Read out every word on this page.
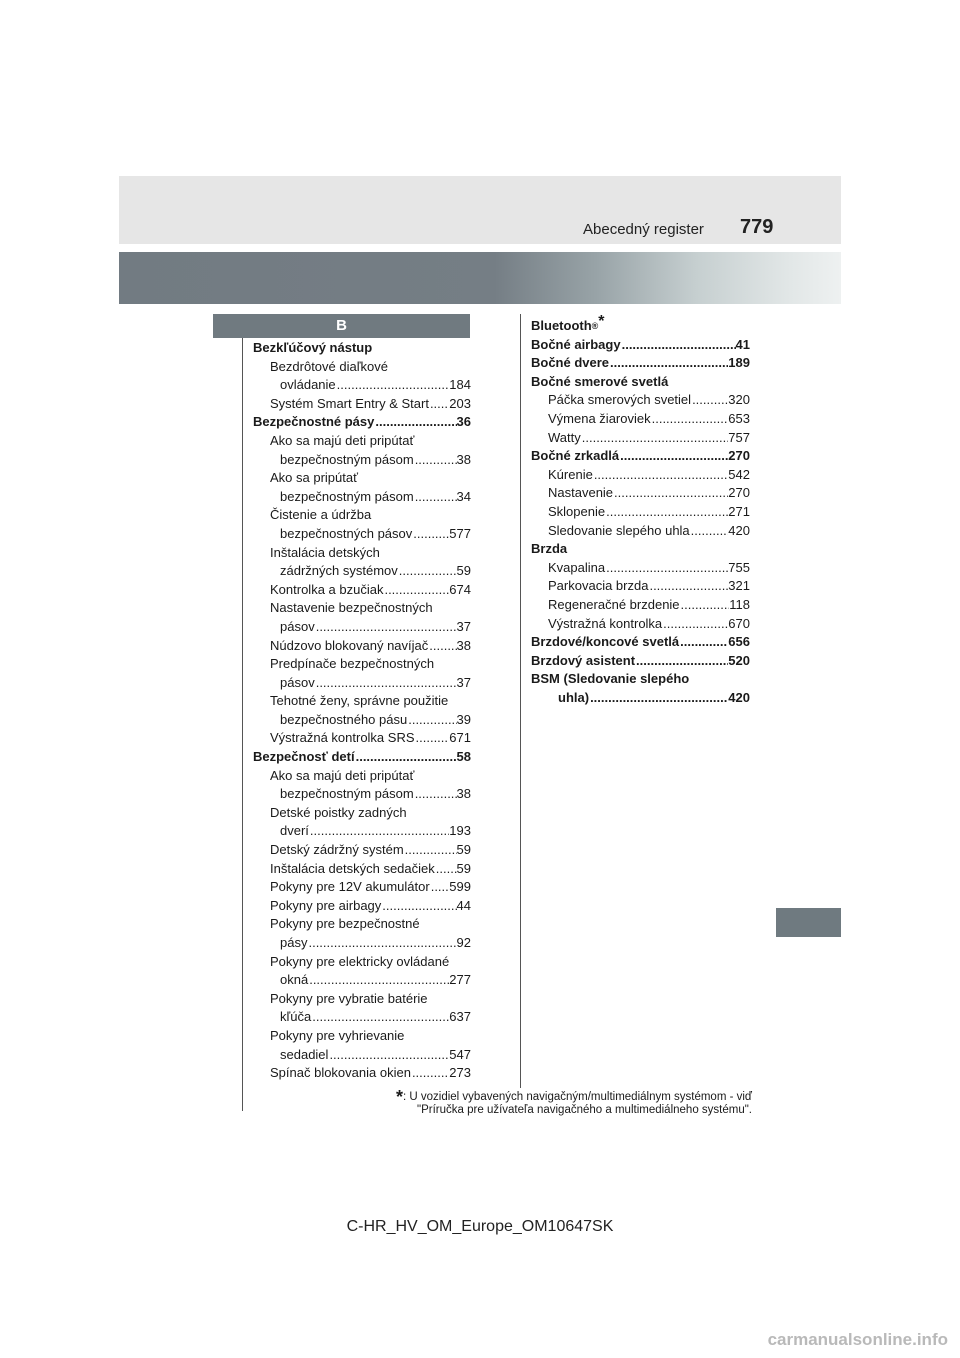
Abecedný register 779
B
Bezkľúčový nástup
Bezdrôtové diaľkové
ovládanie .....	184
Systém Smart Entry & Start ..... 203
Bezpečnostné pásy .....	36
Ako sa majú deti pripútať
bezpečnostným pásom .....	38
Ako sa pripútať
bezpečnostným pásom .....	34
Čistenie a údržba
bezpečnostných pásov .....	577
Inštalácia detských
zádržných systémov .....	59
Kontrolka a bzučiak .....	674
Nastavenie bezpečnostných
pásov .....	37
Núdzovo blokovaný navíjač ..... 38
Predpínače bezpečnostných
pásov .....	37
Tehotné ženy, správne použitie
bezpečnostného pásu .....	39
Výstražná kontrolka SRS .....	671
Bezpečnosť detí .....	58
Ako sa majú deti pripútať
bezpečnostným pásom .....	38
Detské poistky zadných
dverí .....	193
Detský zádržný systém .....	59
Inštalácia detských sedačiek ..... 59
Pokyny pre 12V akumulátor ..... 599
Pokyny pre airbagy .....	44
Pokyny pre bezpečnostné
pásy .....	92
Pokyny pre elektricky ovládané
okná .....	277
Pokyny pre vybratie batérie
kľúča .....	637
Pokyny pre vyhrievanie
sedadiel .....	547
Spínač blokovania okien .....	273
Bluetooth ® *
Bočné airbagy .....	41
Bočné dvere .....	189
Bočné smerové svetlá
Páčka smerových svetiel .....	320
Výmena žiaroviek .....	653
Watty .....	757
Bočné zrkadlá .....	270
Kúrenie .....	542
Nastavenie .....	270
Sklopenie .....	271
Sledovanie slepého uhla .....	420
Brzda
Kvapalina .....	755
Parkovacia brzda .....	321
Regeneračné brzdenie .....	118
Výstražná kontrolka .....	670
Brzdové/koncové svetlá .....	656
Brzdový asistent .....	520
BSM (Sledovanie slepého
uhla) .....	420
*: U vozidiel vybavených navigačným/multimediálnym systémom - viď
"Príručka pre užívateľa navigačného a multimediálneho systému".
C-HR_HV_OM_Europe_OM10647SK
carmanualsonline.info
